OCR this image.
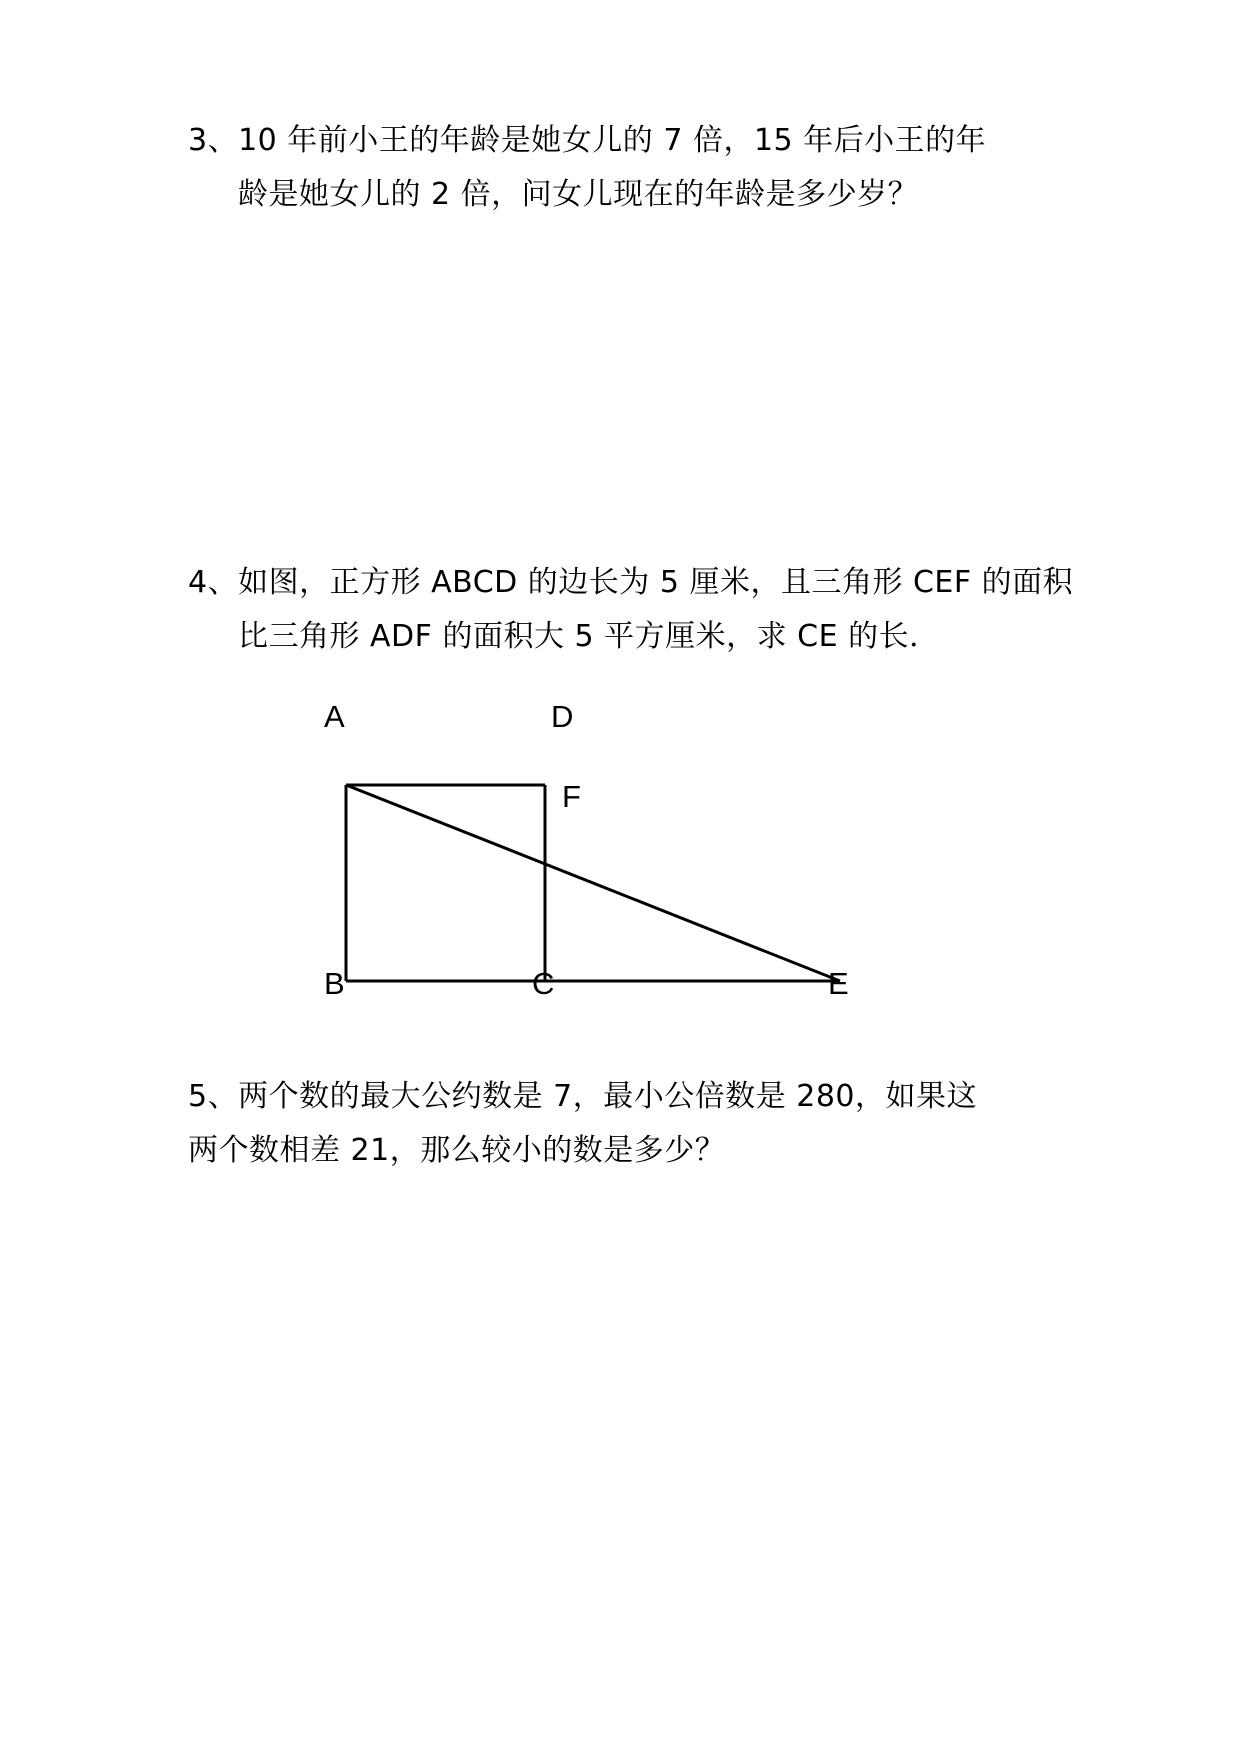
3、10 年前小王的年龄是她女儿的 7 倍，15 年后小王的年
龄是她女儿的 2 倍，问女儿现在的年龄是多少岁？
4、如图，正方形 ABCD 的边长为 5 厘米，且三角形 CEF 的面积
比三角形 ADF 的面积大 5 平方厘米，求 CE 的长．
A	D
F
B	C	E
5、两个数的最大公约数是 7，最小公倍数是 280，如果这
两个数相差 21，那么较小的数是多少？
